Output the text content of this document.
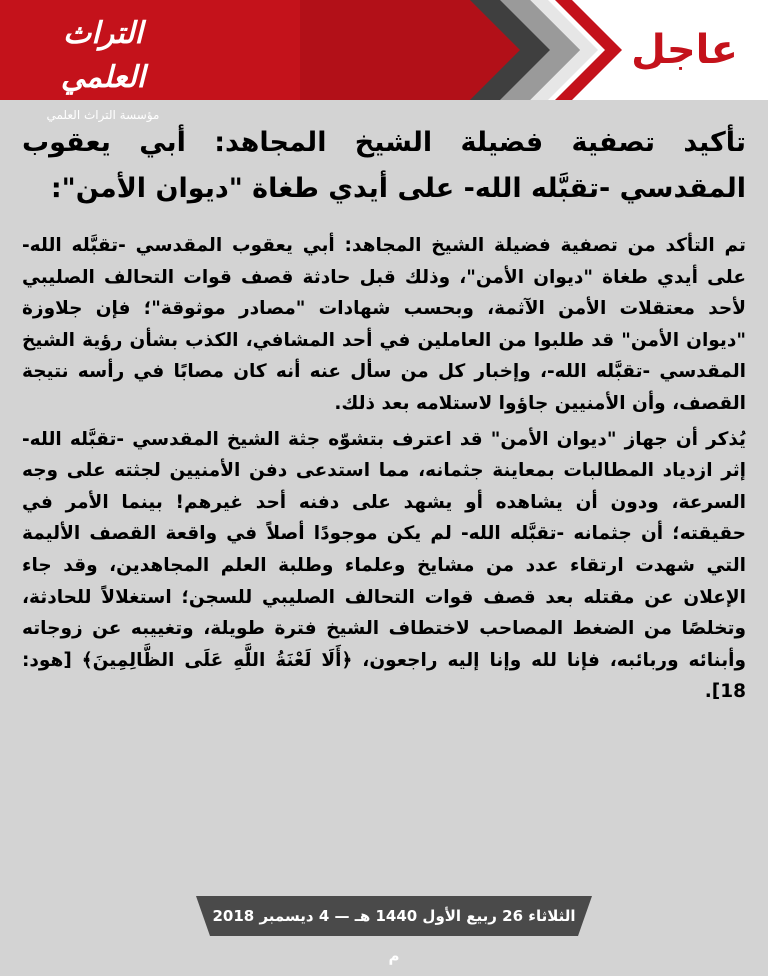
التراث العلمي
مؤسسة التراث العلمي
عاجل
تأكيد تصفية فضيلة الشيخ المجاهد: أبي يعقوب المقدسي -تقبَّله الله- على أيدي طغاة "ديوان الأمن":

تم التأكد من تصفية فضيلة الشيخ المجاهد: أبي يعقوب المقدسي -تقبَّله الله- على أيدي طغاة "ديوان الأمن"، وذلك قبل حادثة قصف قوات التحالف الصليبي لأحد معتقلات الأمن الآثمة، وبحسب شهادات "مصادر موثوقة"؛ فإن جلاوزة "ديوان الأمن" قد طلبوا من العاملين في أحد المشافي، الكذب بشأن رؤية الشيخ المقدسي -تقبَّله الله-، وإخبار كل من سأل عنه أنه كان مصابًا في رأسه نتيجة القصف، وأن الأمنيين جاؤوا لاستلامه بعد ذلك.

يُذكر أن جهاز "ديوان الأمن" قد اعترف بتشوّه جثة الشيخ المقدسي -تقبَّله الله- إثر ازدياد المطالبات بمعاينة جثمانه، مما استدعى دفن الأمنيين لجثته على وجه السرعة، ودون أن يشاهده أو يشهد على دفنه أحد غيرهم! بينما الأمر في حقيقته؛ أن جثمانه -تقبَّله الله- لم يكن موجودًا أصلاً في واقعة القصف الأليمة التي شهدت ارتقاء عدد من مشايخ وعلماء وطلبة العلم المجاهدين، وقد جاء الإعلان عن مقتله بعد قصف قوات التحالف الصليبي للسجن؛ استغلالاً للحادثة، وتخلصًا من الضغط المصاحب لاختطاف الشيخ فترة طويلة، وتغييبه عن زوجاته وأبنائه وربائبه، فإنا لله وإنا إليه راجعون، ﴿أَلَا لَعْنَةُ اللَّهِ عَلَى الظَّالِمِينَ﴾ [هود: 18].

الثلاثاء 26 ربيع الأول 1440 هـ — 4 ديسمبر 2018 م
